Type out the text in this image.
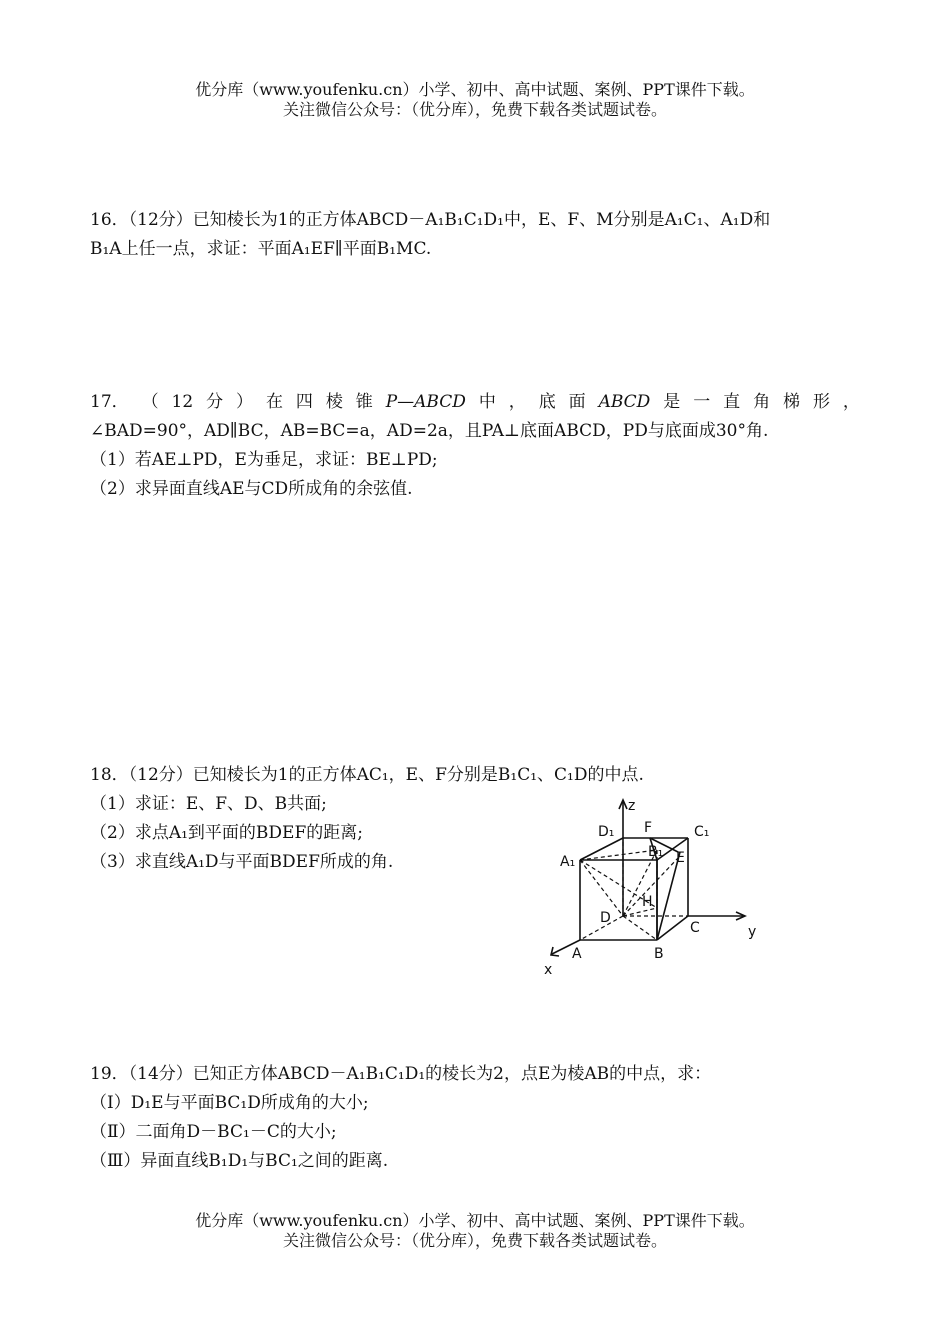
优分库（www.youfenku.cn）小学、初中、高中试题、案例、PPT课件下载。
关注微信公众号：（优分库），免费下载各类试题试卷。
16．（12分）已知棱长为1的正方体ABCD－A₁B₁C₁D₁中，E、F、M分别是A₁C₁、A₁D和
B₁A上任一点，求证：平面A₁EF∥平面B₁MC.
17． （ 12 分 ） 在 四 棱 锥 P—ABCD 中 ， 底 面 ABCD 是 一 直 角 梯 形 ，
∠BAD=90°，AD∥BC，AB=BC=a，AD=2a，且PA⊥底面ABCD，PD与底面成30°角.
（1）若AE⊥PD，E为垂足，求证：BE⊥PD;
（2）求异面直线AE与CD所成角的余弦值.
18．（12分）已知棱长为1的正方体AC₁，E、F分别是B₁C₁、C₁D的中点.
（1）求证：E、F、D、B共面;
（2）求点A₁到平面的BDEF的距离;
（3）求直线A₁D与平面BDEF所成的角.
z
y
x
D₁ F	C₁
A₁
B₁ E
D
H
A	B
C
19．（14分）已知正方体ABCD－A₁B₁C₁D₁的棱长为2，点E为棱AB的中点，求：
（Ⅰ）D₁E与平面BC₁D所成角的大小;
（Ⅱ）二面角D－BC₁－C的大小;
（Ⅲ）异面直线B₁D₁与BC₁之间的距离.
优分库（www.youfenku.cn）小学、初中、高中试题、案例、PPT课件下载。
关注微信公众号：（优分库），免费下载各类试题试卷。
